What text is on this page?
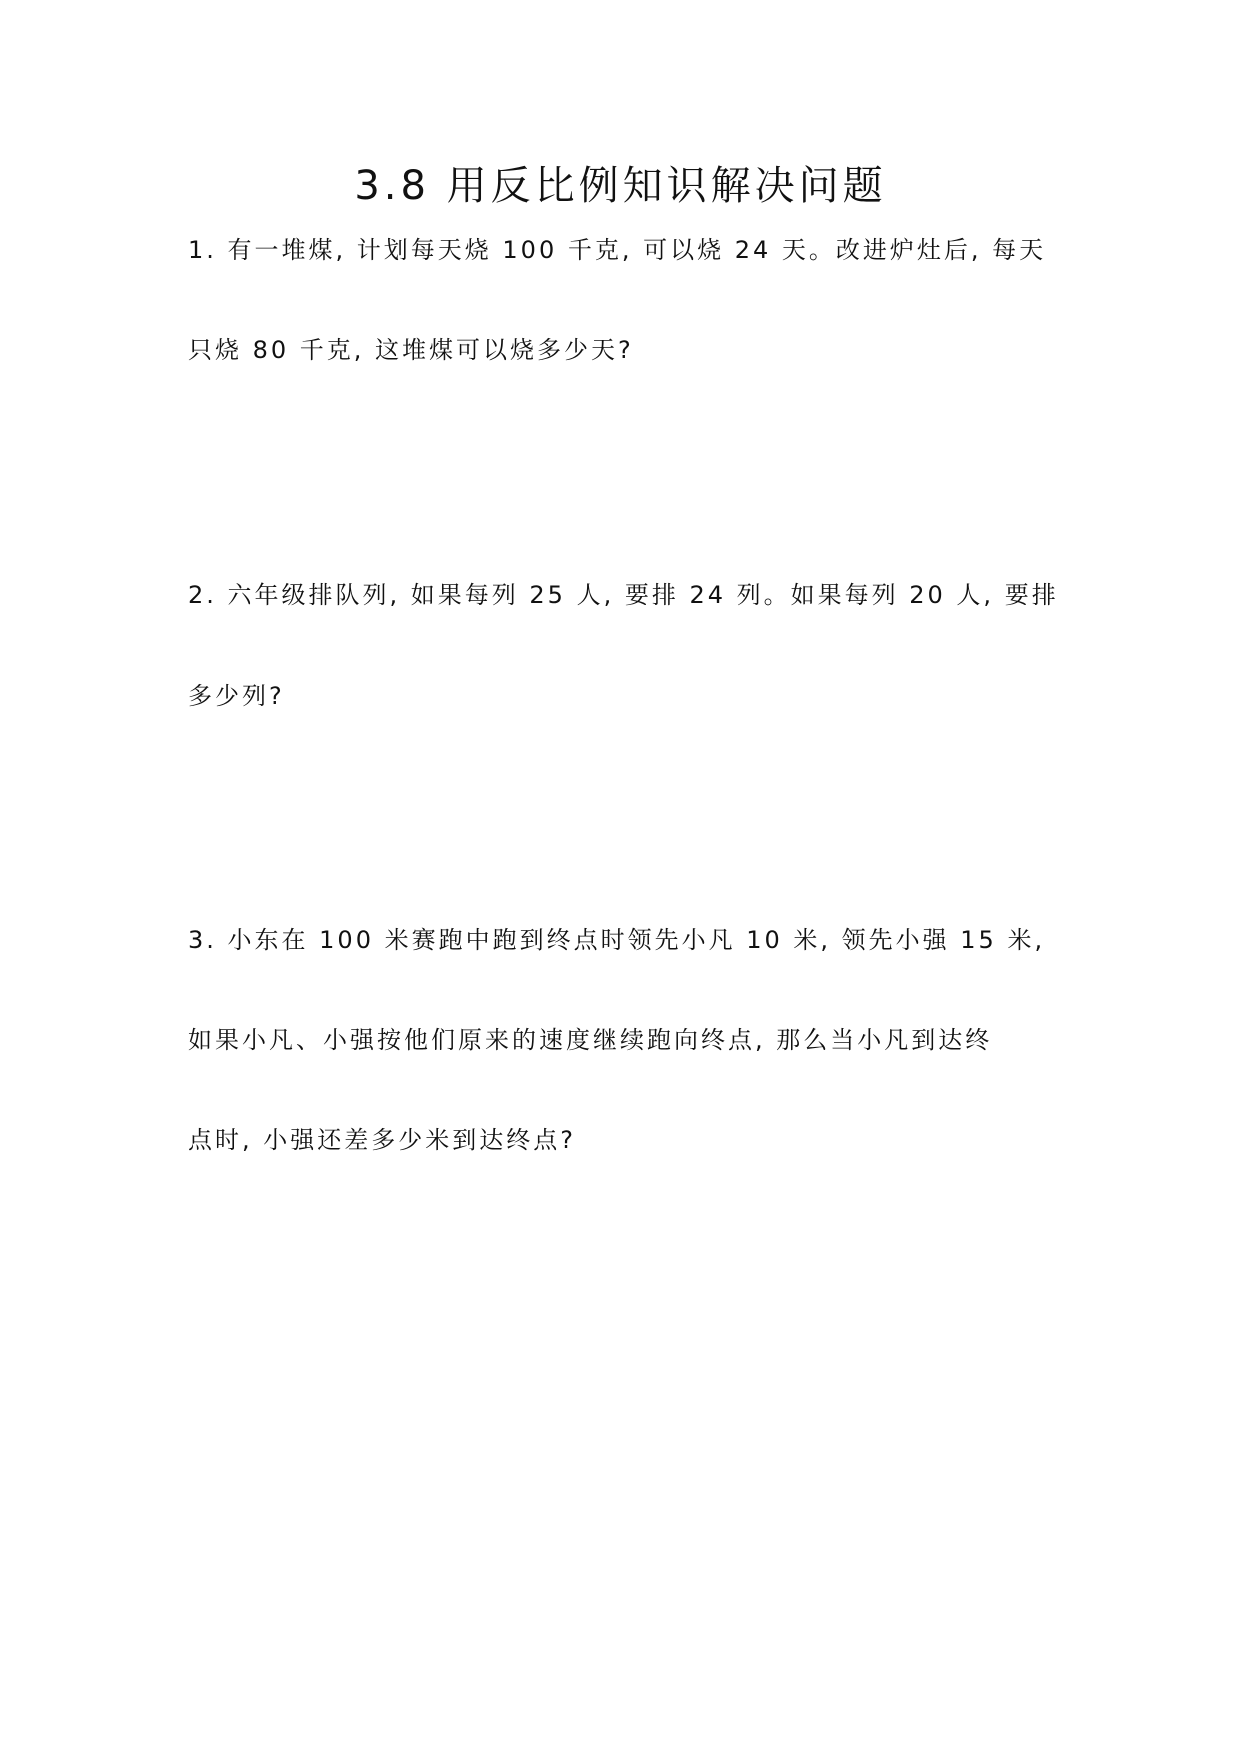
3.8 用反比例知识解决问题
1. 有一堆煤, 计划每天烧 100 千克, 可以烧 24 天。改进炉灶后, 每天
只烧 80 千克, 这堆煤可以烧多少天?
2. 六年级排队列, 如果每列 25 人, 要排 24 列。如果每列 20 人, 要排
多少列?
3. 小东在 100 米赛跑中跑到终点时领先小凡 10 米, 领先小强 15 米,
如果小凡、小强按他们原来的速度继续跑向终点, 那么当小凡到达终
点时, 小强还差多少米到达终点?
